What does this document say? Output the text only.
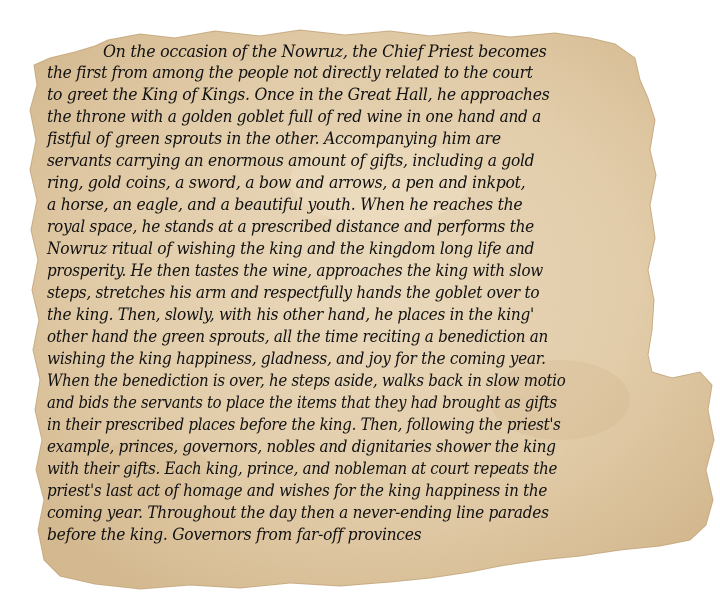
On the occasion of the Nowruz, the Chief Priest becomes
the first from among the people not directly related to the court
to greet the King of Kings. Once in the Great Hall, he approaches
the throne with a golden goblet full of red wine in one hand and a
fistful of green sprouts in the other. Accompanying him are
servants carrying an enormous amount of gifts, including a gold
ring, gold coins, a sword, a bow and arrows, a pen and inkpot,
a horse, an eagle, and a beautiful youth. When he reaches the
royal space, he stands at a prescribed distance and performs the
Nowruz ritual of wishing the king and the kingdom long life and
prosperity. He then tastes the wine, approaches the king with slow
steps, stretches his arm and respectfully hands the goblet over to
the king. Then, slowly, with his other hand, he places in the king'
other hand the green sprouts, all the time reciting a benediction an
wishing the king happiness, gladness, and joy for the coming year.
When the benediction is over, he steps aside, walks back in slow motio
and bids the servants to place the items that they had brought as gifts
in their prescribed places before the king. Then, following the priest's
example, princes, governors, nobles and dignitaries shower the king
with their gifts. Each king, prince, and nobleman at court repeats the
priest's last act of homage and wishes for the king happiness in the
coming year. Throughout the day then a never-ending line parades
before the king. Governors from far-off provinces
